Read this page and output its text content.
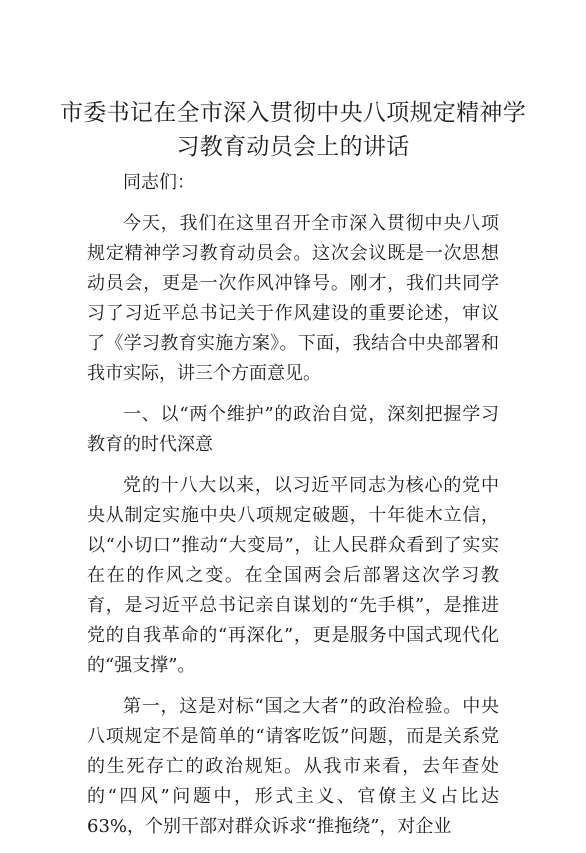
市委书记在全市深入贯彻中央八项规定精神学习教育动员会上的讲话

同志们：

今天，我们在这里召开全市深入贯彻中央八项规定精神学习教育动员会。这次会议既是一次思想动员会，更是一次作风冲锋号。刚才，我们共同学习了习近平总书记关于作风建设的重要论述，审议了《学习教育实施方案》。下面，我结合中央部署和我市实际，讲三个方面意见。

一、以“两个维护”的政治自觉，深刻把握学习教育的时代深意

党的十八大以来，以习近平同志为核心的党中央从制定实施中央八项规定破题，十年徙木立信，以“小切口”推动“大变局”，让人民群众看到了实实在在的作风之变。在全国两会后部署这次学习教育，是习近平总书记亲自谋划的“先手棋”，是推进党的自我革命的“再深化”，更是服务中国式现代化的“强支撑”。

第一，这是对标“国之大者”的政治检验。中央八项规定不是简单的“请客吃饭”问题，而是关系党的生死存亡的政治规矩。从我市来看，去年查处的“四风”问题中，形式主义、官僚主义占比达63%，个别干部对群众诉求“推拖绕”，对企业
